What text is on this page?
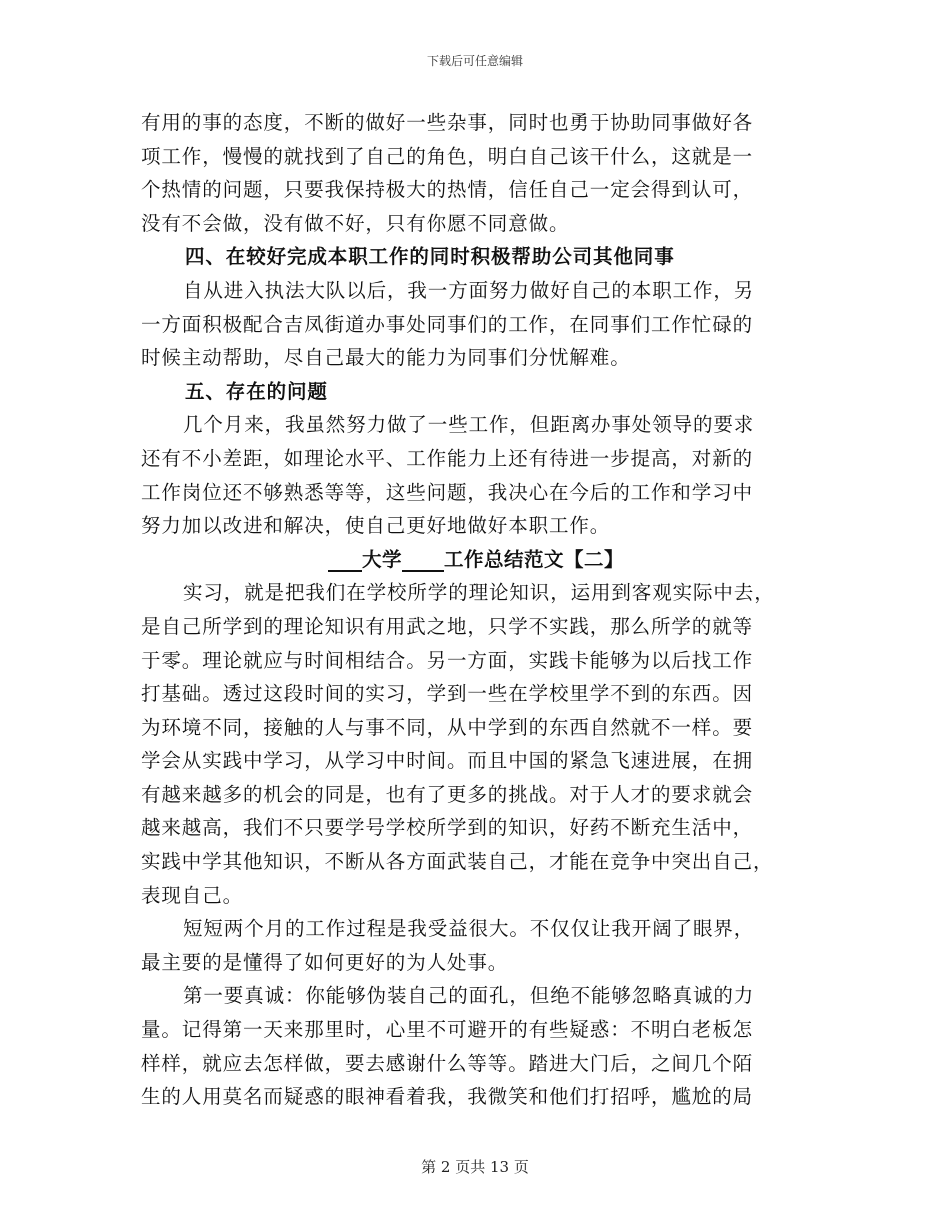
下载后可任意编辑
有用的事的态度，不断的做好一些杂事，同时也勇于协助同事做好各
项工作，慢慢的就找到了自己的角色，明白自己该干什么，这就是一
个热情的问题，只要我保持极大的热情，信任自己一定会得到认可，
没有不会做，没有做不好，只有你愿不同意做。
四、在较好完成本职工作的同时积极帮助公司其他同事
自从进入执法大队以后，我一方面努力做好自己的本职工作，另
一方面积极配合吉凤街道办事处同事们的工作，在同事们工作忙碌的
时候主动帮助，尽自己最大的能力为同事们分忧解难。
五、存在的问题
几个月来，我虽然努力做了一些工作，但距离办事处领导的要求
还有不小差距，如理论水平、工作能力上还有待进一步提高，对新的
工作岗位还不够熟悉等等，这些问题，我决心在今后的工作和学习中
努力加以改进和解决，使自己更好地做好本职工作。
大学 工作总结范文【二】
实习，就是把我们在学校所学的理论知识，运用到客观实际中去，
是自己所学到的理论知识有用武之地，只学不实践，那么所学的就等
于零。理论就应与时间相结合。另一方面，实践卡能够为以后找工作
打基础。透过这段时间的实习，学到一些在学校里学不到的东西。因
为环境不同，接触的人与事不同，从中学到的东西自然就不一样。要
学会从实践中学习，从学习中时间。而且中国的紧急飞速进展，在拥
有越来越多的机会的同是，也有了更多的挑战。对于人才的要求就会
越来越高，我们不只要学号学校所学到的知识，好药不断充生活中，
实践中学其他知识，不断从各方面武装自己，才能在竞争中突出自己，
表现自己。
短短两个月的工作过程是我受益很大。不仅仅让我开阔了眼界，
最主要的是懂得了如何更好的为人处事。
第一要真诚：你能够伪装自己的面孔，但绝不能够忽略真诚的力
量。记得第一天来那里时，心里不可避开的有些疑惑：不明白老板怎
样样，就应去怎样做，要去感谢什么等等。踏进大门后，之间几个陌
生的人用莫名而疑惑的眼神看着我，我微笑和他们打招呼，尴尬的局
第 2 页共 13 页
